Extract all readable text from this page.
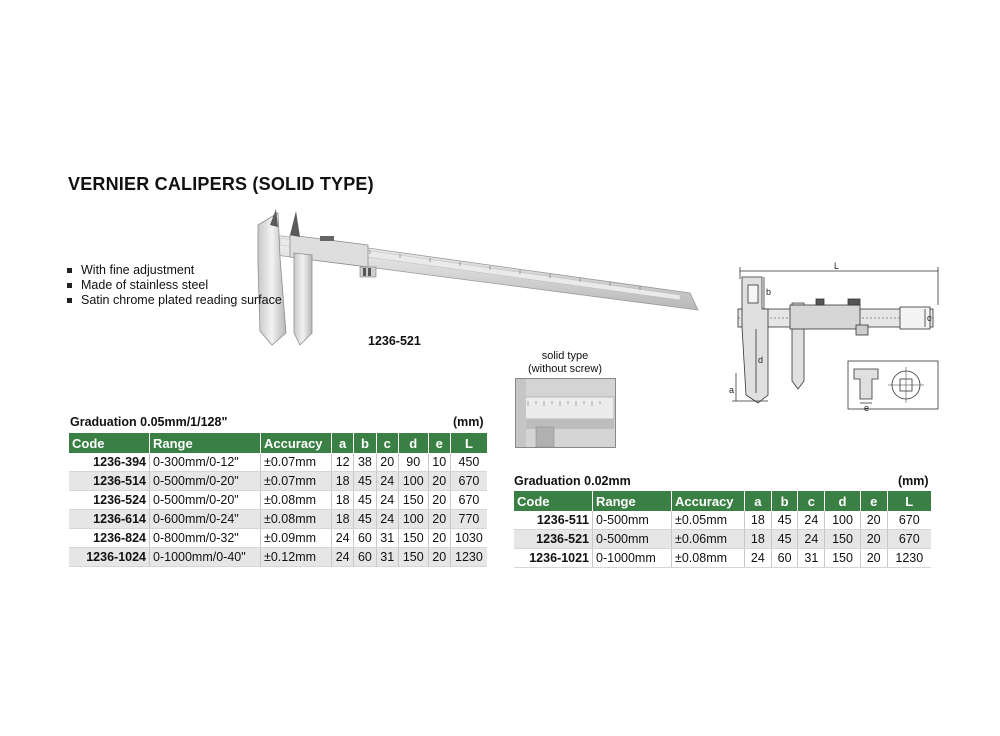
VERNIER CALIPERS (SOLID TYPE)
With fine adjustment
Made of stainless steel
Satin chrome plated reading surface
1236-521
solid type
(without screw)
L
b
c
d
a
e
Graduation 0.05mm/1/128"	(mm)
Code	Range	Accuracy	a	b	c	d	e	L
1236-394	0-300mm/0-12"	±0.07mm	12	38	20	90	10	450
1236-514	0-500mm/0-20"	±0.07mm	18	45	24	100	20	670
1236-524	0-500mm/0-20"	±0.08mm	18	45	24	150	20	670
1236-614	0-600mm/0-24"	±0.08mm	18	45	24	100	20	770
1236-824	0-800mm/0-32"	±0.09mm	24	60	31	150	20	1030
1236-1024	0-1000mm/0-40"	±0.12mm	24	60	31	150	20	1230
Graduation 0.02mm	(mm)
Code	Range	Accuracy	a	b	c	d	e	L
1236-511	0-500mm	±0.05mm	18	45	24	100	20	670
1236-521	0-500mm	±0.06mm	18	45	24	150	20	670
1236-1021	0-1000mm	±0.08mm	24	60	31	150	20	1230
